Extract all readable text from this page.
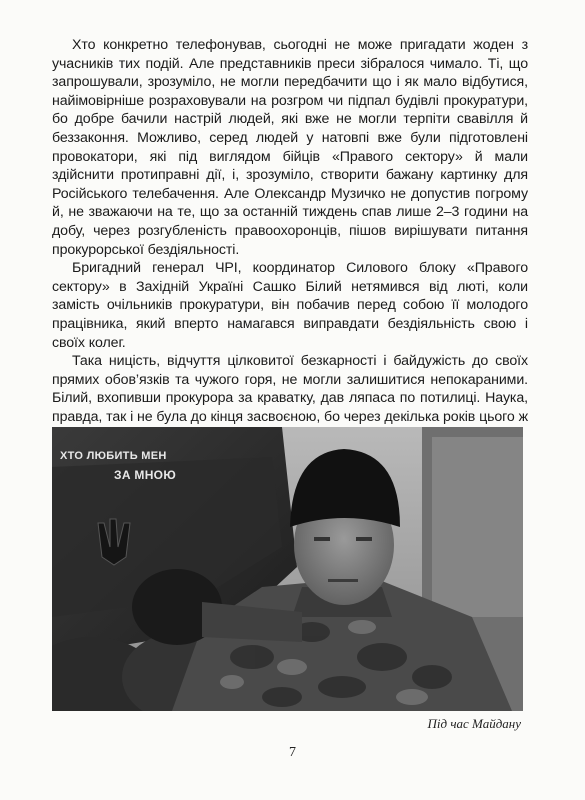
Хто конкретно телефонував, сьогодні не може пригадати жоден з учасників тих подій. Але представників преси зібралося чимало. Ті, що запрошували, зрозуміло, не могли передбачити що і як мало відбутися, найімовірніше розраховували на розгром чи підпал будівлі прокуратури, бо добре бачили настрій людей, які вже не могли терпіти свавілля й беззаконня. Можливо, серед людей у натовпі вже були підготовлені провокатори, які під виглядом бійців «Правого сектору» й мали здійснити протиправні дії, і, зрозуміло, створити бажану картинку для Російського телебачення. Але Олександр Музичко не допустив погрому й, не зважаючи на те, що за останній тиждень спав лише 2–3 години на добу, через розгубленість правоохоронців, пішов вирішувати питання прокурорської бездіяльності.

Бригадний генерал ЧРІ, координатор Силового блоку «Правого сектору» в Західній Україні Сашко Білий нетямився від люті, коли замість очільників прокуратури, він побачив перед собою її молодого працівника, який вперто намагався виправдати бездіяльність свою і своїх колег.

Така ницість, відчуття цілковитої безкарності і байдужість до своїх прямих обов’язків та чужого горя, не могли залишитися непокараними. Білий, вхопивши прокурора за краватку, дав ляпаса по потилиці. Наука, правда, так і не була до кінця засвоєною, бо через декілька років цього ж

ХТО ЛЮБИТЬ МЕН
ЗА МНОЮ
Під час Майдану
7
